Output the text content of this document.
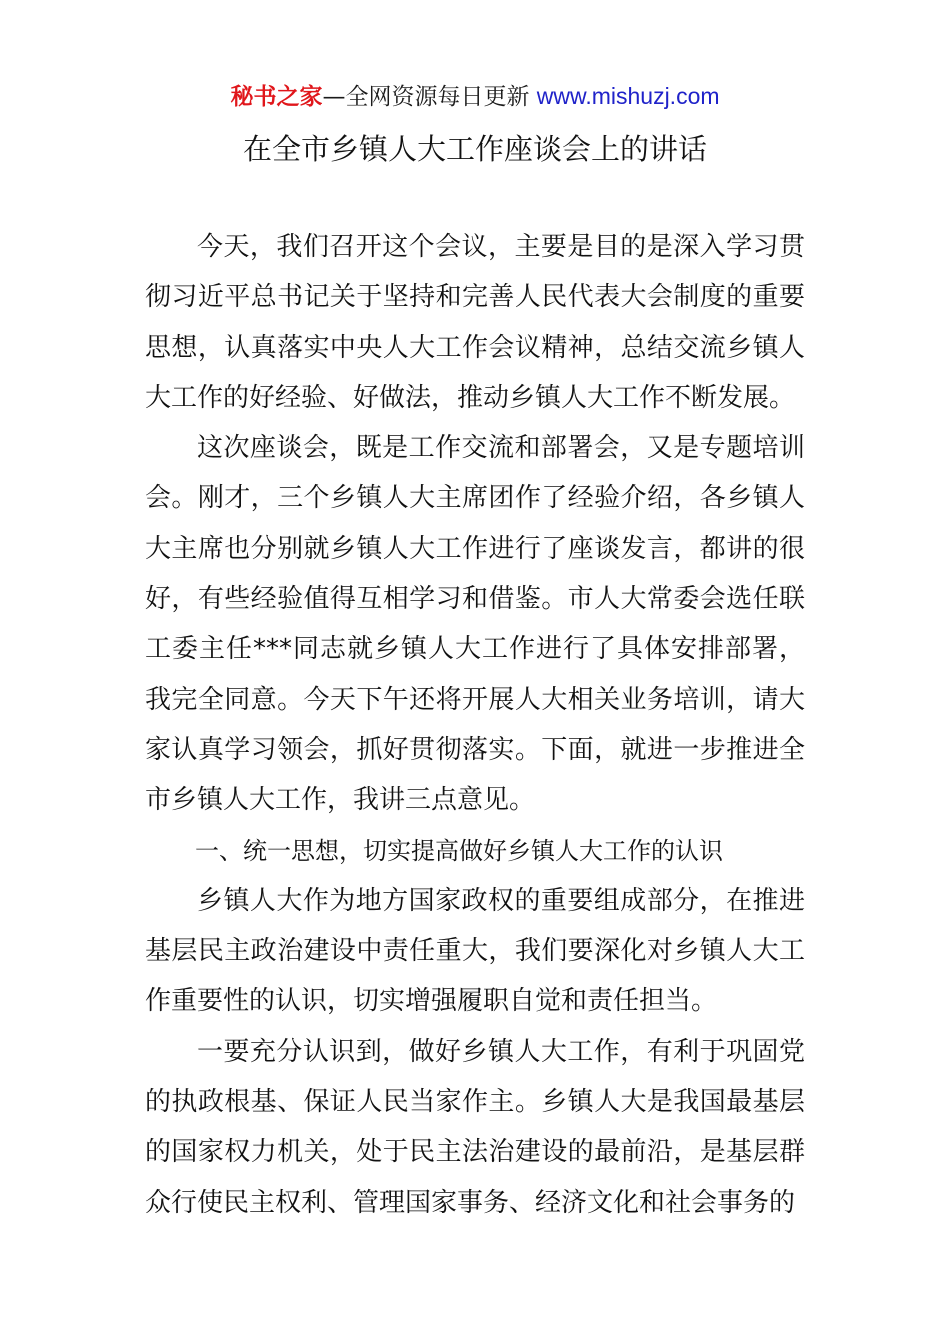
秘书之家—全网资源每日更新 www.mishuzj.com
在全市乡镇人大工作座谈会上的讲话

今天，我们召开这个会议，主要是目的是深入学习贯彻习近平总书记关于坚持和完善人民代表大会制度的重要思想，认真落实中央人大工作会议精神，总结交流乡镇人大工作的好经验、好做法，推动乡镇人大工作不断发展。

这次座谈会，既是工作交流和部署会，又是专题培训会。刚才，三个乡镇人大主席团作了经验介绍，各乡镇人大主席也分别就乡镇人大工作进行了座谈发言，都讲的很好，有些经验值得互相学习和借鉴。市人大常委会选任联工委主任***同志就乡镇人大工作进行了具体安排部署，我完全同意。今天下午还将开展人大相关业务培训，请大家认真学习领会，抓好贯彻落实。下面，就进一步推进全市乡镇人大工作，我讲三点意见。

一、统一思想，切实提高做好乡镇人大工作的认识

乡镇人大作为地方国家政权的重要组成部分，在推进基层民主政治建设中责任重大，我们要深化对乡镇人大工作重要性的认识，切实增强履职自觉和责任担当。

一要充分认识到，做好乡镇人大工作，有利于巩固党的执政根基、保证人民当家作主。乡镇人大是我国最基层的国家权力机关，处于民主法治建设的最前沿，是基层群众行使民主权利、管理国家事务、经济文化和社会事务的
